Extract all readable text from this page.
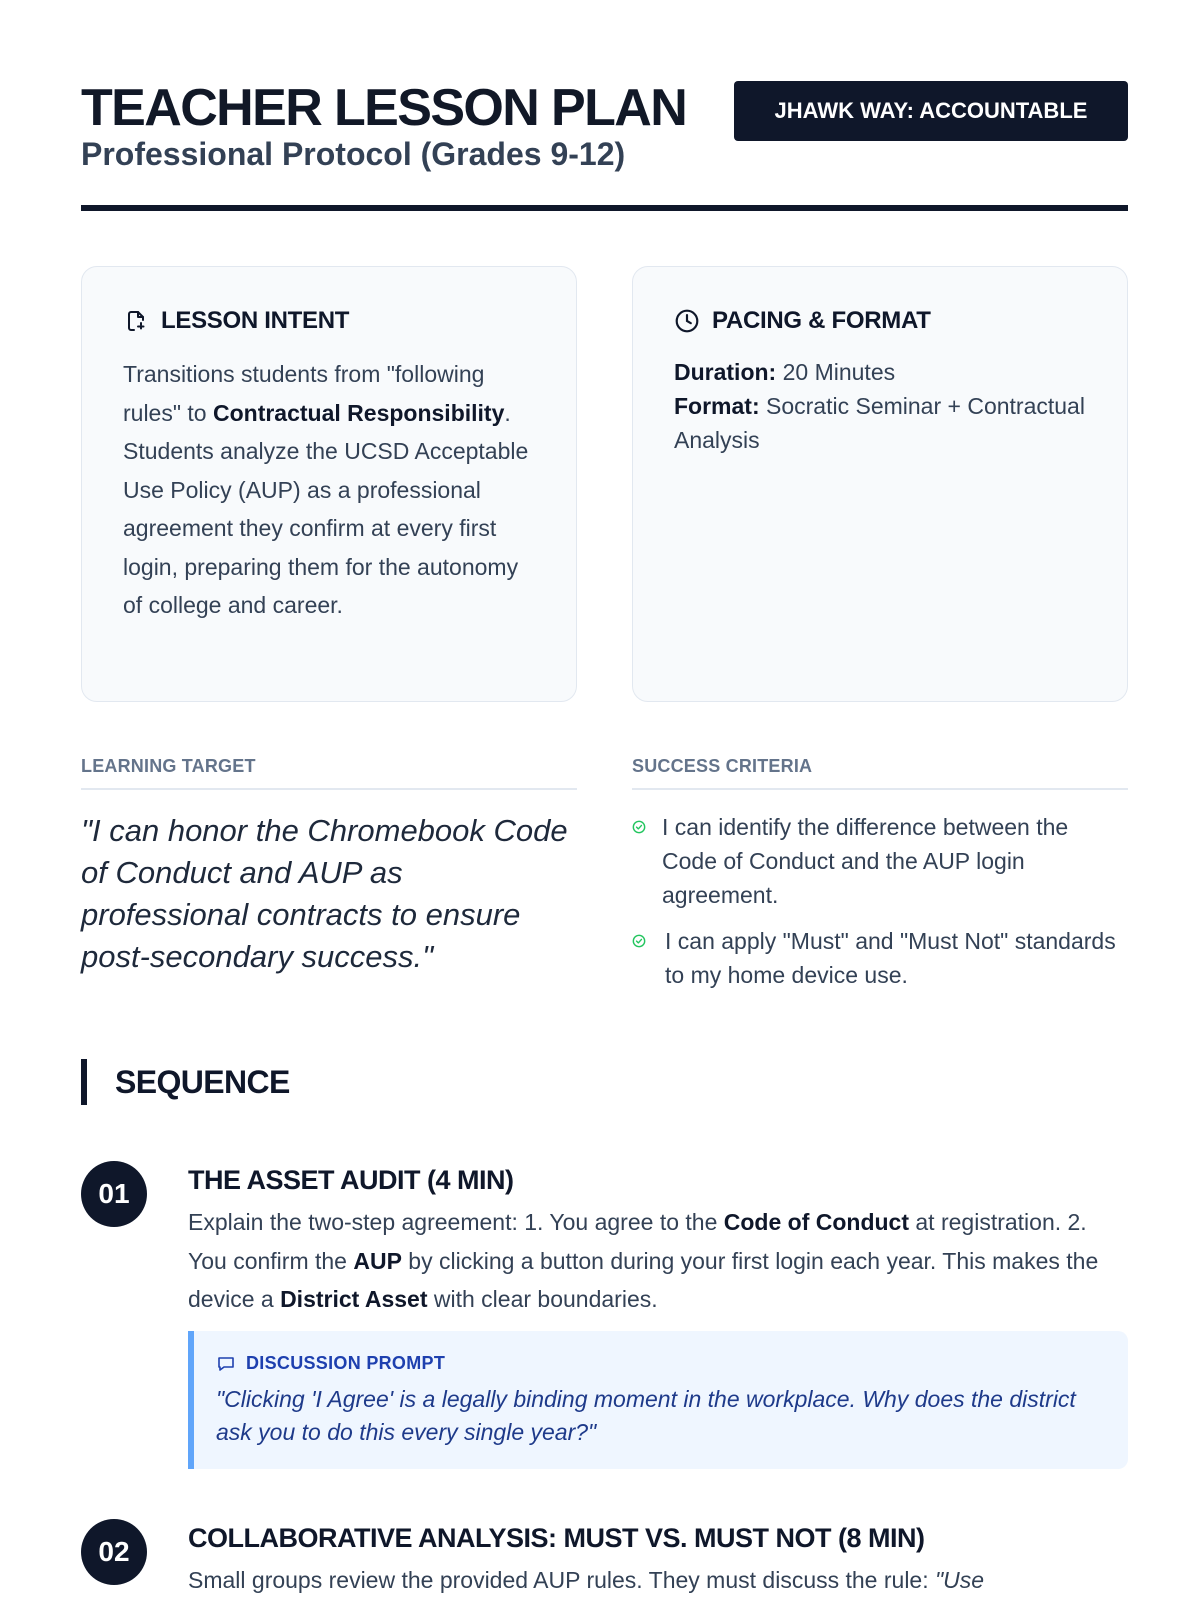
TEACHER LESSON PLAN
Professional Protocol (Grades 9-12)
JHAWK WAY: ACCOUNTABLE
LESSON INTENT

Transitions students from "following rules" to Contractual Responsibility. Students analyze the UCSD Acceptable Use Policy (AUP) as a professional agreement they confirm at every first login, preparing them for the autonomy of college and career.

PACING & FORMAT
Duration: 20 Minutes
Format: Socratic Seminar + Contractual Analysis
LEARNING TARGET

"I can honor the Chromebook Code of Conduct and AUP as professional contracts to ensure post-secondary success."

SUCCESS CRITERIA
I can identify the difference between the Code of Conduct and the AUP login agreement.
I can apply "Must" and "Must Not" standards to my home device use.
SEQUENCE
01	THE ASSET AUDIT (4 MIN)

Explain the two-step agreement: 1. You agree to the Code of Conduct at registration. 2. You confirm the AUP by clicking a button during your first login each year. This makes the device a District Asset with clear boundaries.

DISCUSSION PROMPT

"Clicking 'I Agree' is a legally binding moment in the workplace. Why does the district ask you to do this every single year?"

02	COLLABORATIVE ANALYSIS: MUST VS. MUST NOT (8 MIN)

Small groups review the provided AUP rules. They must discuss the rule: "Use
